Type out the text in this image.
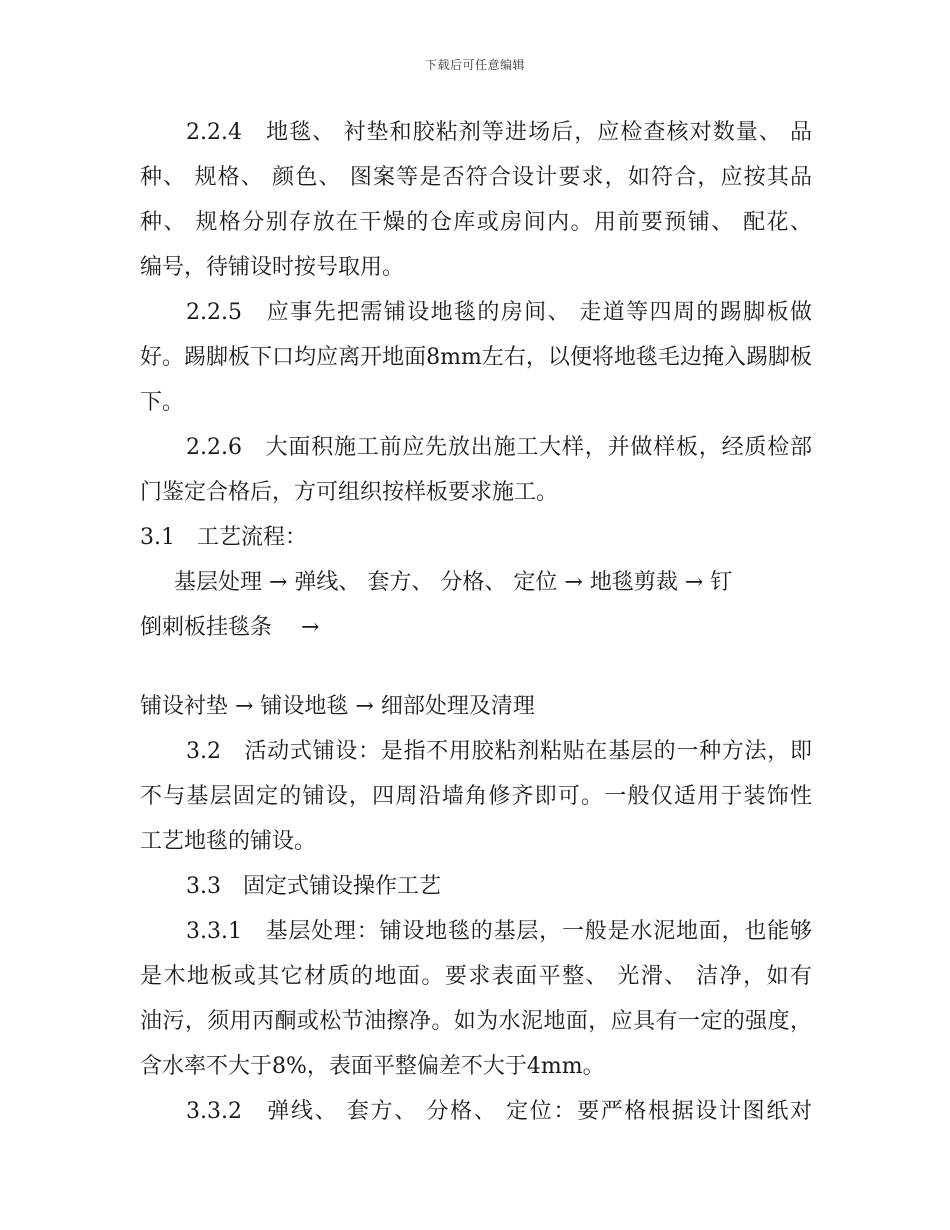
下载后可任意编辑
2.2.4　地毯、 衬垫和胶粘剂等进场后，应检查核对数量、 品
种、 规格、 颜色、 图案等是否符合设计要求，如符合，应按其品
种、 规格分别存放在干燥的仓库或房间内。用前要预铺、 配花、
编号，待铺设时按号取用。
2.2.5　应事先把需铺设地毯的房间、 走道等四周的踢脚板做
好。踢脚板下口均应离开地面8mm左右，以便将地毯毛边掩入踢脚板
下。
2.2.6　大面积施工前应先放出施工大样，并做样板，经质检部
门鉴定合格后，方可组织按样板要求施工。
3.1　工艺流程：
基层处理 → 弹线、 套方、 分格、 定位 → 地毯剪裁 → 钉
倒刺板挂毯条　 →
铺设衬垫 → 铺设地毯 → 细部处理及清理
3.2　活动式铺设：是指不用胶粘剂粘贴在基层的一种方法，即
不与基层固定的铺设，四周沿墙角修齐即可。一般仅适用于装饰性
工艺地毯的铺设。
3.3　固定式铺设操作工艺
3.3.1　基层处理：铺设地毯的基层，一般是水泥地面，也能够
是木地板或其它材质的地面。要求表面平整、 光滑、 洁净，如有
油污，须用丙酮或松节油擦净。如为水泥地面，应具有一定的强度，
含水率不大于8%，表面平整偏差不大于4mm。
3.3.2　弹线、 套方、 分格、 定位：要严格根据设计图纸对
